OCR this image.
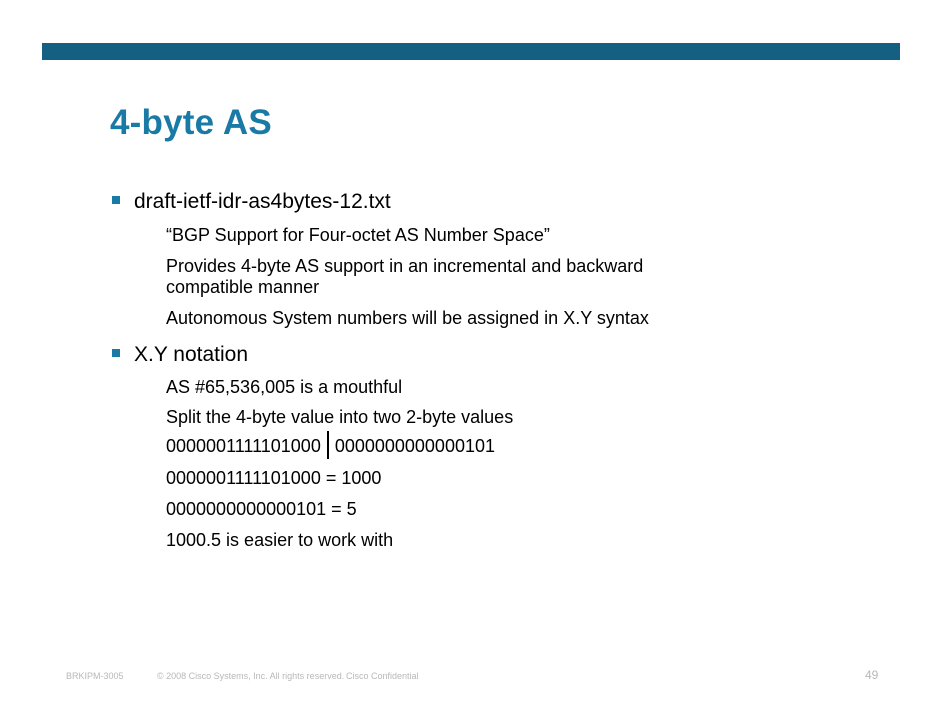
4-byte AS
draft-ietf-idr-as4bytes-12.txt
“BGP Support for Four-octet AS Number Space”
Provides 4-byte AS support in an incremental and backward
compatible manner
Autonomous System numbers will be assigned in X.Y syntax
X.Y notation
AS #65,536,005 is a mouthful
Split the 4-byte value into two 2-byte values
0000001111101000 0000000000000101
0000001111101000 = 1000
0000000000000101 = 5
1000.5 is easier to work with
BRKIPM-3005	© 2008 Cisco Systems, Inc. All rights reserved. Cisco Confidential	49
